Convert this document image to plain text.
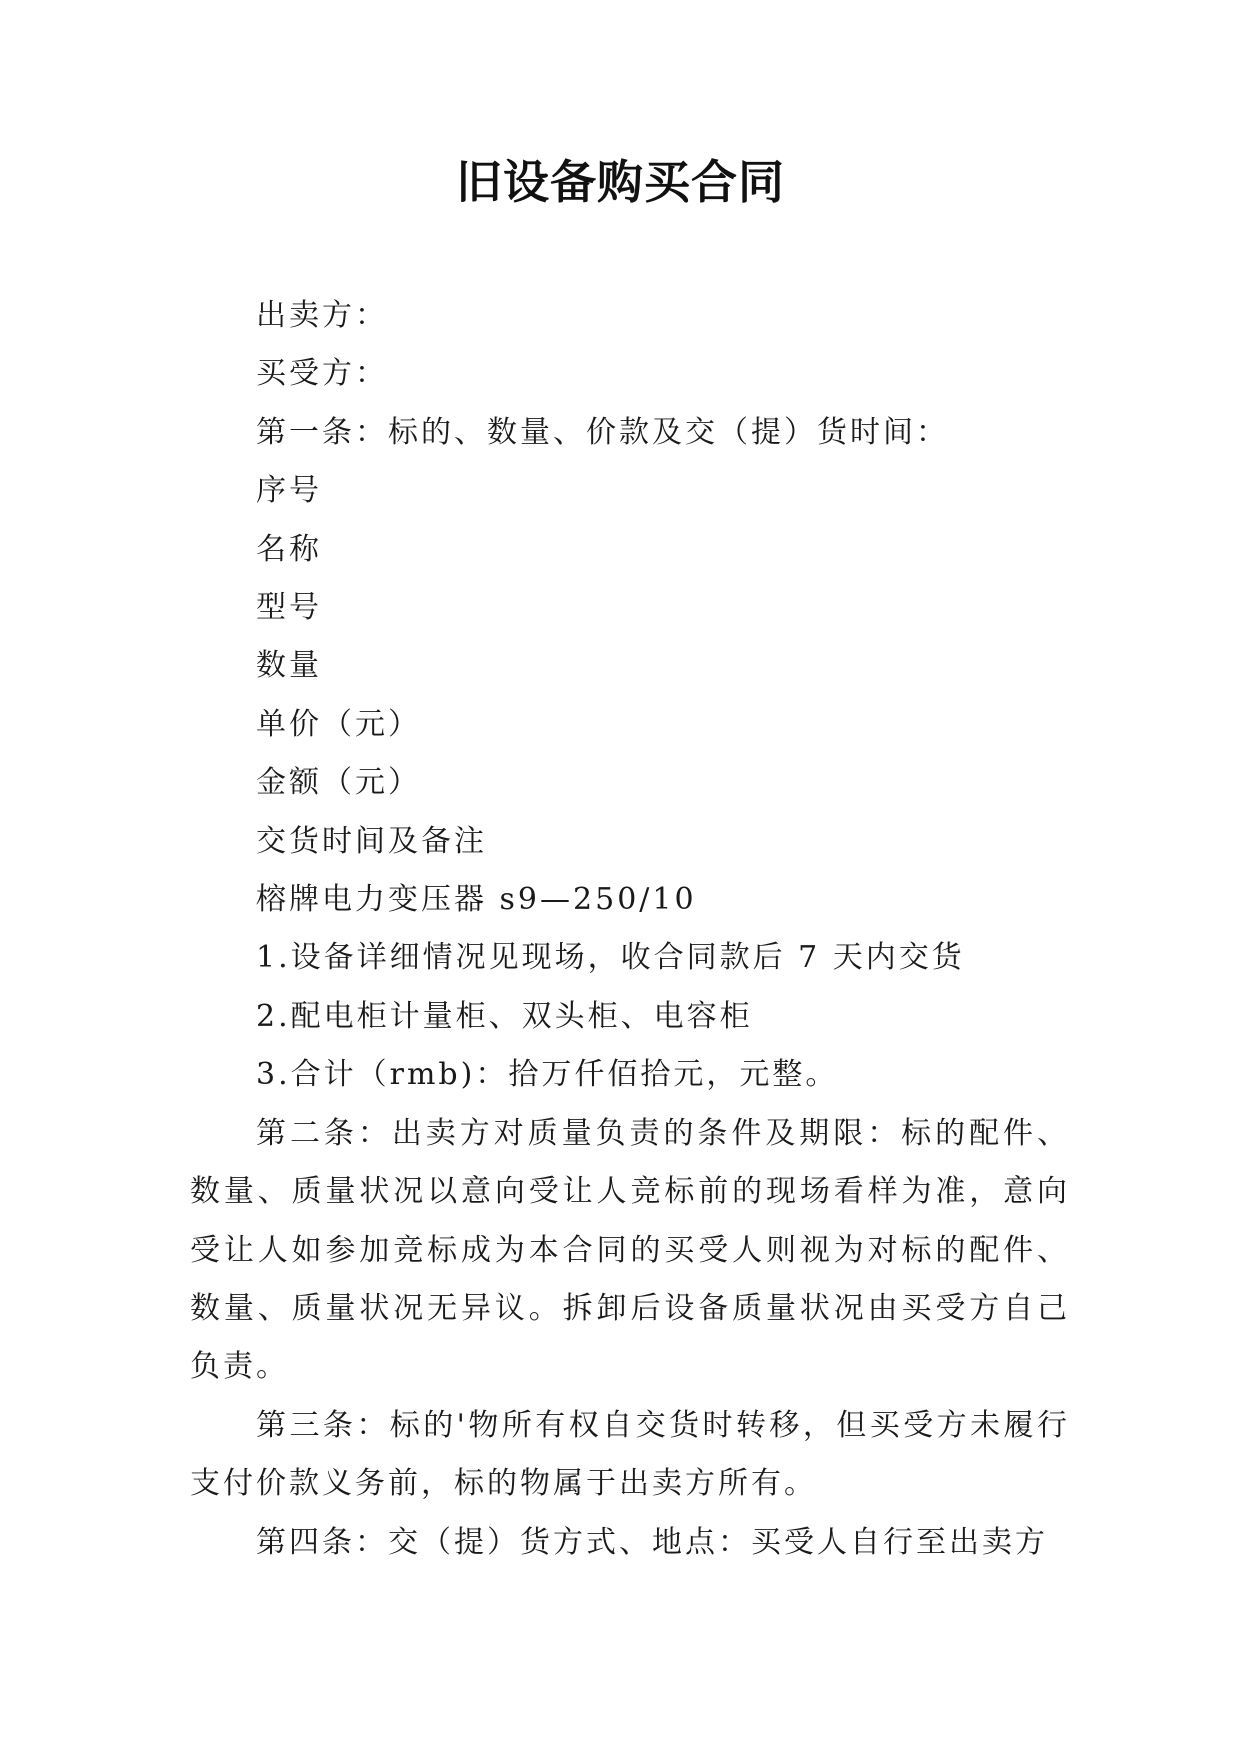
旧设备购买合同

出卖方：

买受方：

第一条：标的、数量、价款及交（提）货时间：

序号

名称

型号

数量

单价（元）

金额（元）

交货时间及备注

榕牌电力变压器 s9—250/10

1.设备详细情况见现场，收合同款后 7 天内交货

2.配电柜计量柜、双头柜、电容柜

3.合计（rmb)：拾万仟佰拾元，元整。

第二条：出卖方对质量负责的条件及期限：标的配件、数量、质量状况以意向受让人竞标前的现场看样为准，意向受让人如参加竞标成为本合同的买受人则视为对标的配件、数量、质量状况无异议。拆卸后设备质量状况由买受方自己负责。

第三条：标的'物所有权自交货时转移，但买受方未履行支付价款义务前，标的物属于出卖方所有。

第四条：交（提）货方式、地点：买受人自行至出卖方
